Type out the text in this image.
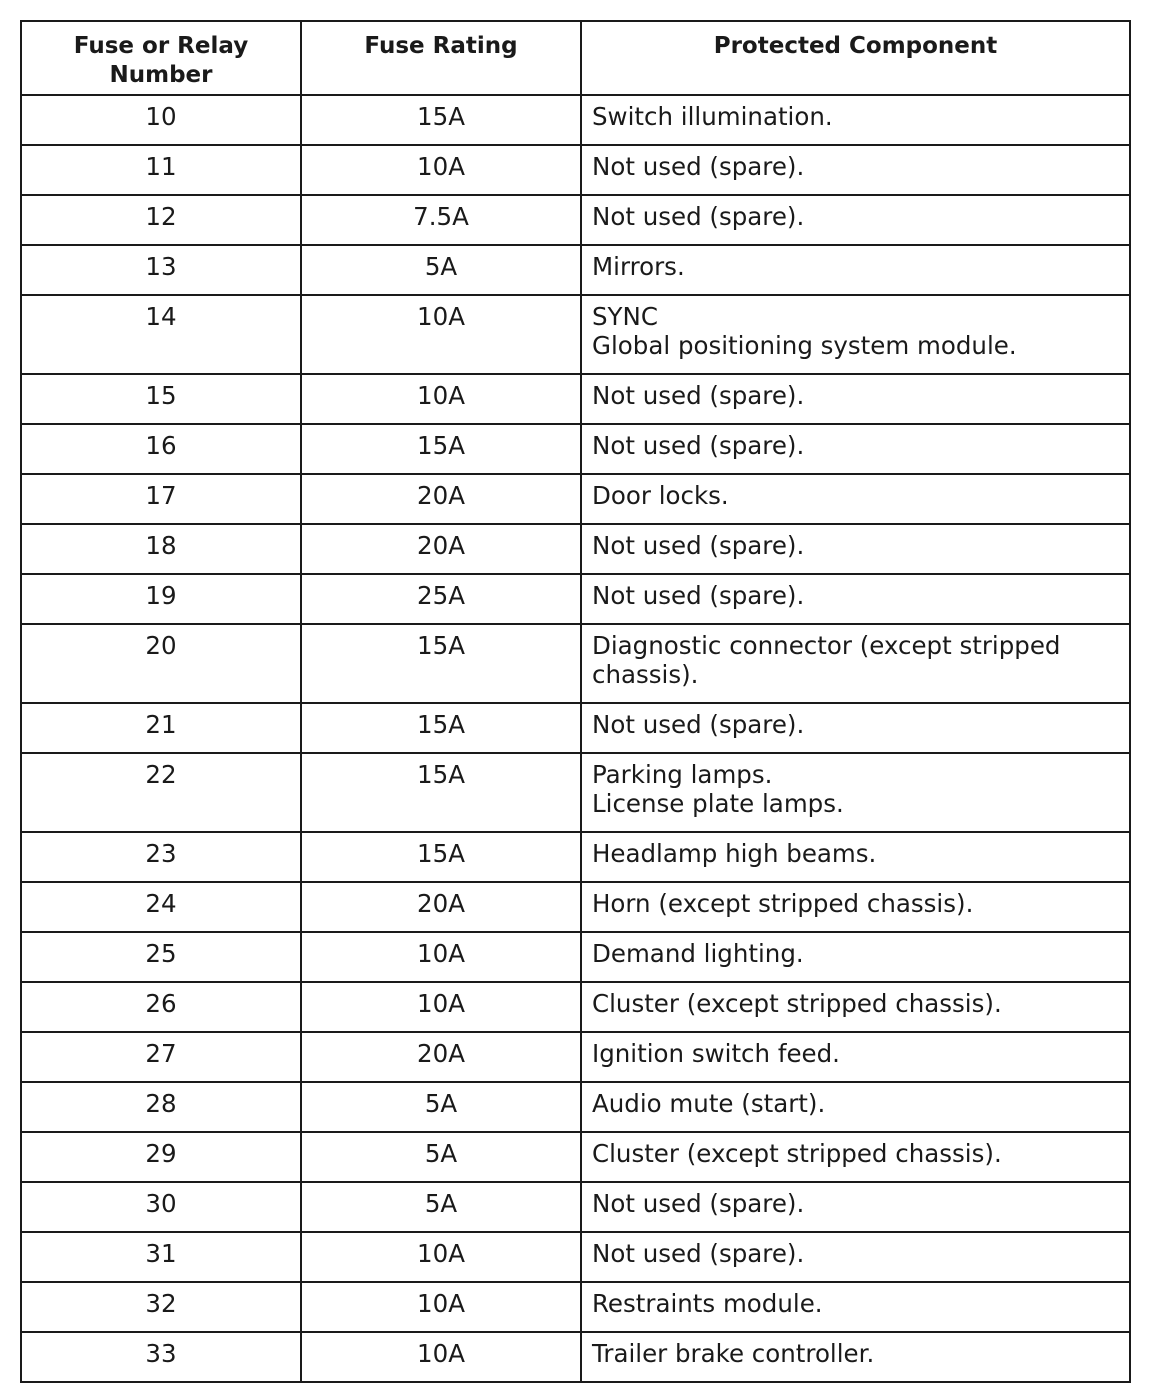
Fuse or Relay
Number	Fuse Rating	Protected Component
10	15A	Switch illumination.
11	10A	Not used (spare).
12	7.5A	Not used (spare).
13	5A	Mirrors.
14	10A	SYNC
Global positioning system module.
15	10A	Not used (spare).
16	15A	Not used (spare).
17	20A	Door locks.
18	20A	Not used (spare).
19	25A	Not used (spare).
20	15A	Diagnostic connector (except stripped chassis).
21	15A	Not used (spare).
22	15A	Parking lamps.
License plate lamps.
23	15A	Headlamp high beams.
24	20A	Horn (except stripped chassis).
25	10A	Demand lighting.
26	10A	Cluster (except stripped chassis).
27	20A	Ignition switch feed.
28	5A	Audio mute (start).
29	5A	Cluster (except stripped chassis).
30	5A	Not used (spare).
31	10A	Not used (spare).
32	10A	Restraints module.
33	10A	Trailer brake controller.
